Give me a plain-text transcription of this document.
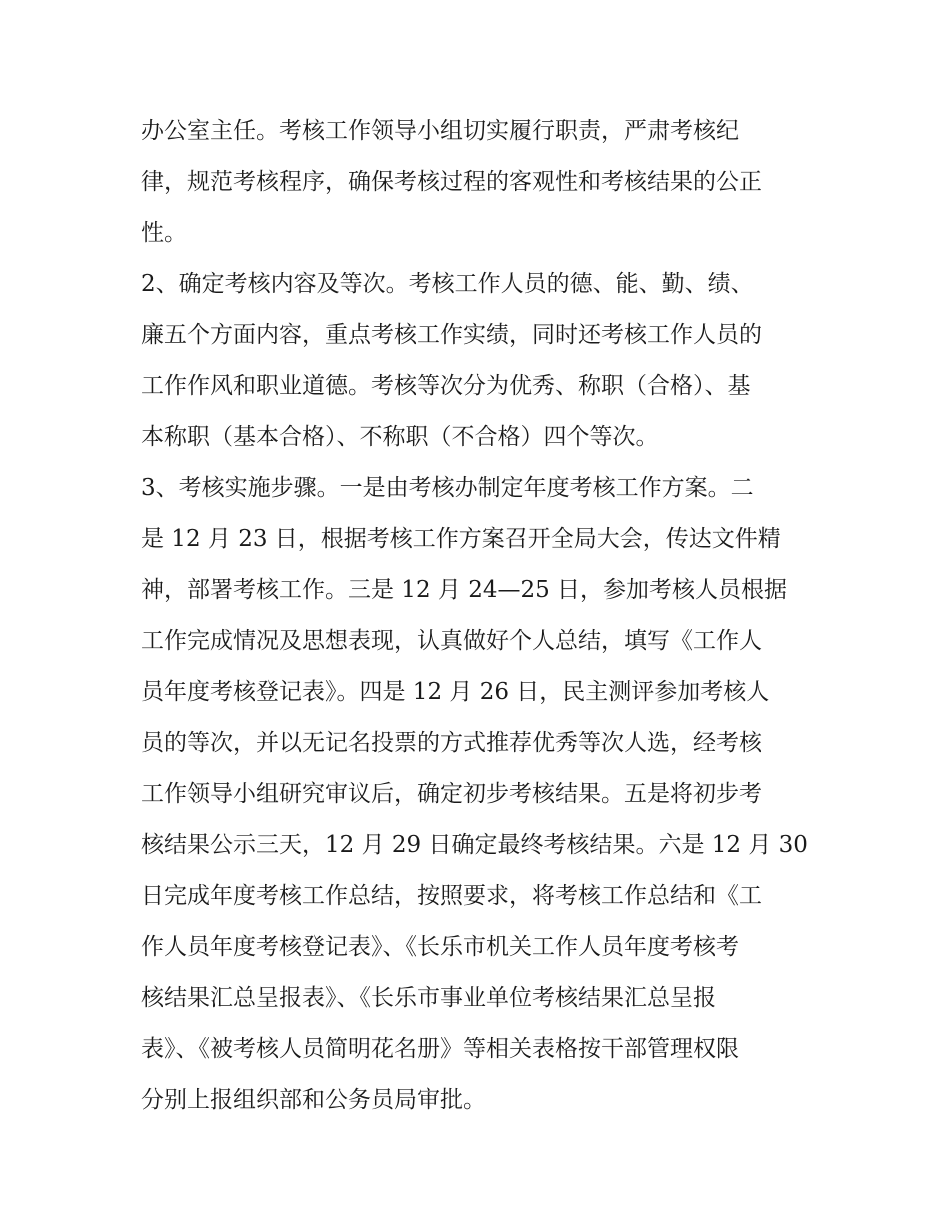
办公室主任。考核工作领导小组切实履行职责，严肃考核纪
律，规范考核程序，确保考核过程的客观性和考核结果的公正
性。
2、确定考核内容及等次。考核工作人员的德、能、勤、绩、
廉五个方面内容，重点考核工作实绩，同时还考核工作人员的
工作作风和职业道德。考核等次分为优秀、称职（合格）、基
本称职（基本合格）、不称职（不合格）四个等次。
3、考核实施步骤。一是由考核办制定年度考核工作方案。二
是 12 月 23 日，根据考核工作方案召开全局大会，传达文件精
神，部署考核工作。三是 12 月 24—25 日，参加考核人员根据
工作完成情况及思想表现，认真做好个人总结，填写《工作人
员年度考核登记表》。四是 12 月 26 日，民主测评参加考核人
员的等次，并以无记名投票的方式推荐优秀等次人选，经考核
工作领导小组研究审议后，确定初步考核结果。五是将初步考
核结果公示三天，12 月 29 日确定最终考核结果。六是 12 月 30
日完成年度考核工作总结，按照要求，将考核工作总结和《工
作人员年度考核登记表》、《长乐市机关工作人员年度考核考
核结果汇总呈报表》、《长乐市事业单位考核结果汇总呈报
表》、《被考核人员简明花名册》等相关表格按干部管理权限
分别上报组织部和公务员局审批。
